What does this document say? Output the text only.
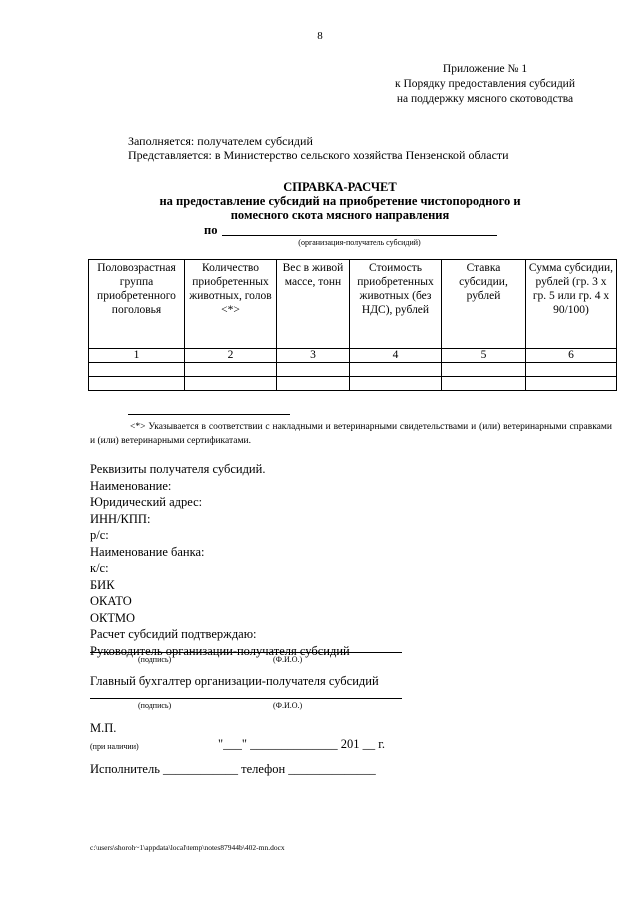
8
Приложение № 1
к Порядку предоставления субсидий
на поддержку мясного скотоводства
Заполняется: получателем субсидий
Представляется: в Министерство сельского хозяйства Пензенской области
СПРАВКА-РАСЧЕТ
на предоставление субсидий на приобретение чистопородного и
помесного скота мясного направления
по
(организация-получатель субсидий)
Половозрастная группа приобретенного поголовья	Количество приобретенных животных, голов <*>	Вес в живой массе, тонн	Стоимость приобретенных животных (без НДС), рублей	Ставка субсидии, рублей	Сумма субсидии, рублей (гр. 3 x гр. 5 или гр. 4 x 90/100)
1	2	3	4	5	6

<*> Указывается в соответствии с накладными и ветеринарными свидетельствами и (или) ветеринарными справками и (или) ветеринарными сертификатами.
Реквизиты получателя субсидий.
Наименование:
Юридический адрес:
ИНН/КПП:
р/с:
Наименование банка:
к/с:
БИК
ОКАТО
ОКТМО
Расчет субсидий подтверждаю:
Руководитель организации-получателя субсидий
(подпись)	(Ф.И.О.)
Главный бухгалтер организации-получателя субсидий
(подпись)	(Ф.И.О.)
М.П.
(при наличии)	"___" ______________ 201 __ г.
Исполнитель ____________ телефон ______________
c:\users\shoroh~1\appdata\local\temp\notes87944b\402-mn.docx
